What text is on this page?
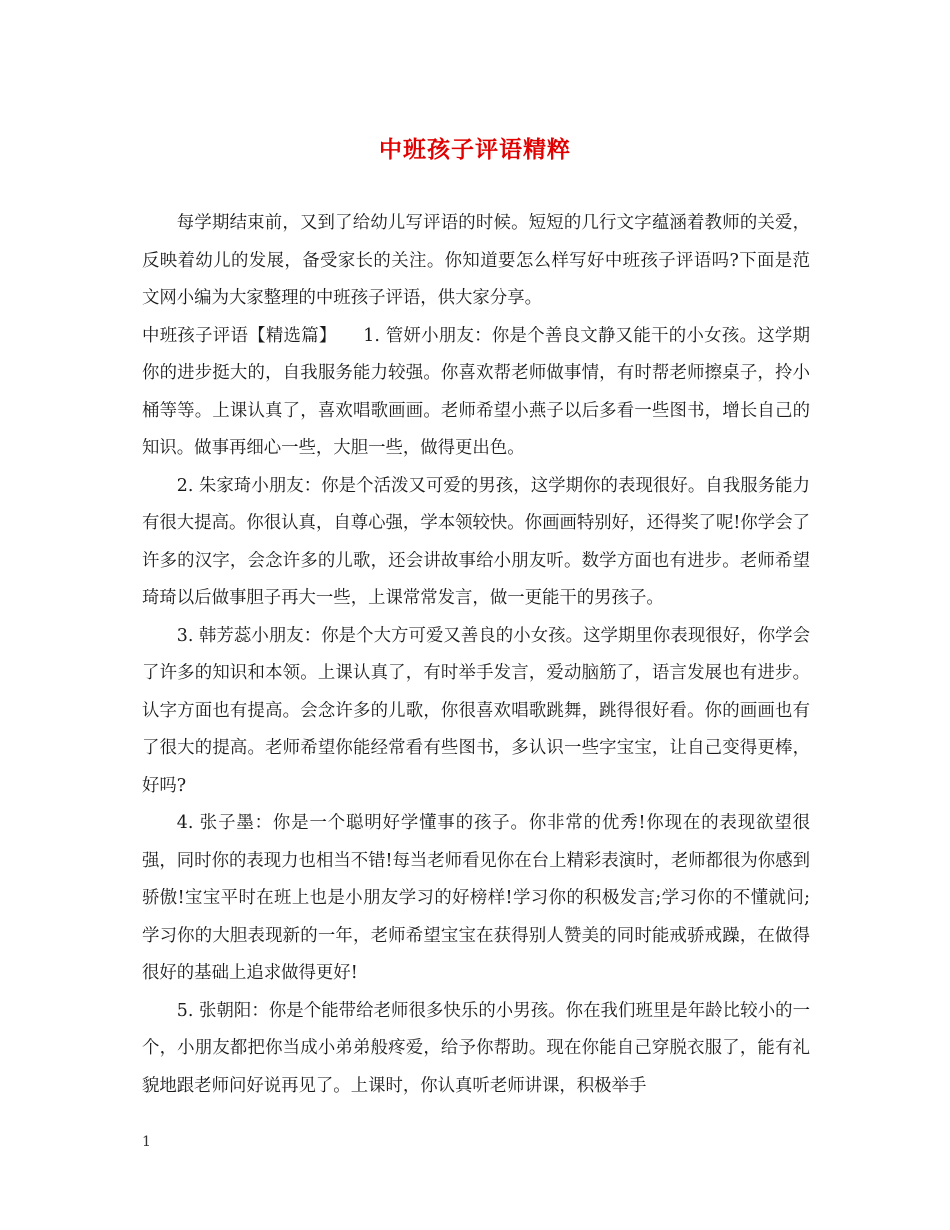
中班孩子评语精粹

每学期结束前，又到了给幼儿写评语的时候。短短的几行文字蕴涵着教师的关爱，反映着幼儿的发展，备受家长的关注。你知道要怎么样写好中班孩子评语吗?下面是范文网小编为大家整理的中班孩子评语，供大家分享。

中班孩子评语【精选篇】　　1. 管妍小朋友：你是个善良文静又能干的小女孩。这学期你的进步挺大的，自我服务能力较强。你喜欢帮老师做事情，有时帮老师擦桌子，拎小桶等等。上课认真了，喜欢唱歌画画。老师希望小燕子以后多看一些图书，增长自己的知识。做事再细心一些，大胆一些，做得更出色。

2. 朱家琦小朋友：你是个活泼又可爱的男孩，这学期你的表现很好。自我服务能力有很大提高。你很认真，自尊心强，学本领较快。你画画特别好，还得奖了呢!你学会了许多的汉字，会念许多的儿歌，还会讲故事给小朋友听。数学方面也有进步。老师希望琦琦以后做事胆子再大一些，上课常常发言，做一更能干的男孩子。

3. 韩芳蕊小朋友：你是个大方可爱又善良的小女孩。这学期里你表现很好，你学会了许多的知识和本领。上课认真了，有时举手发言，爱动脑筋了，语言发展也有进步。认字方面也有提高。会念许多的儿歌，你很喜欢唱歌跳舞，跳得很好看。你的画画也有了很大的提高。老师希望你能经常看有些图书，多认识一些字宝宝，让自己变得更棒，好吗?

4. 张子墨：你是一个聪明好学懂事的孩子。你非常的优秀!你现在的表现欲望很强，同时你的表现力也相当不错!每当老师看见你在台上精彩表演时，老师都很为你感到骄傲!宝宝平时在班上也是小朋友学习的好榜样!学习你的积极发言;学习你的不懂就问;学习你的大胆表现新的一年，老师希望宝宝在获得别人赞美的同时能戒骄戒躁，在做得很好的基础上追求做得更好!

5. 张朝阳：你是个能带给老师很多快乐的小男孩。你在我们班里是年龄比较小的一个，小朋友都把你当成小弟弟般疼爱，给予你帮助。现在你能自己穿脱衣服了，能有礼貌地跟老师问好说再见了。上课时，你认真听老师讲课，积极举手

1
